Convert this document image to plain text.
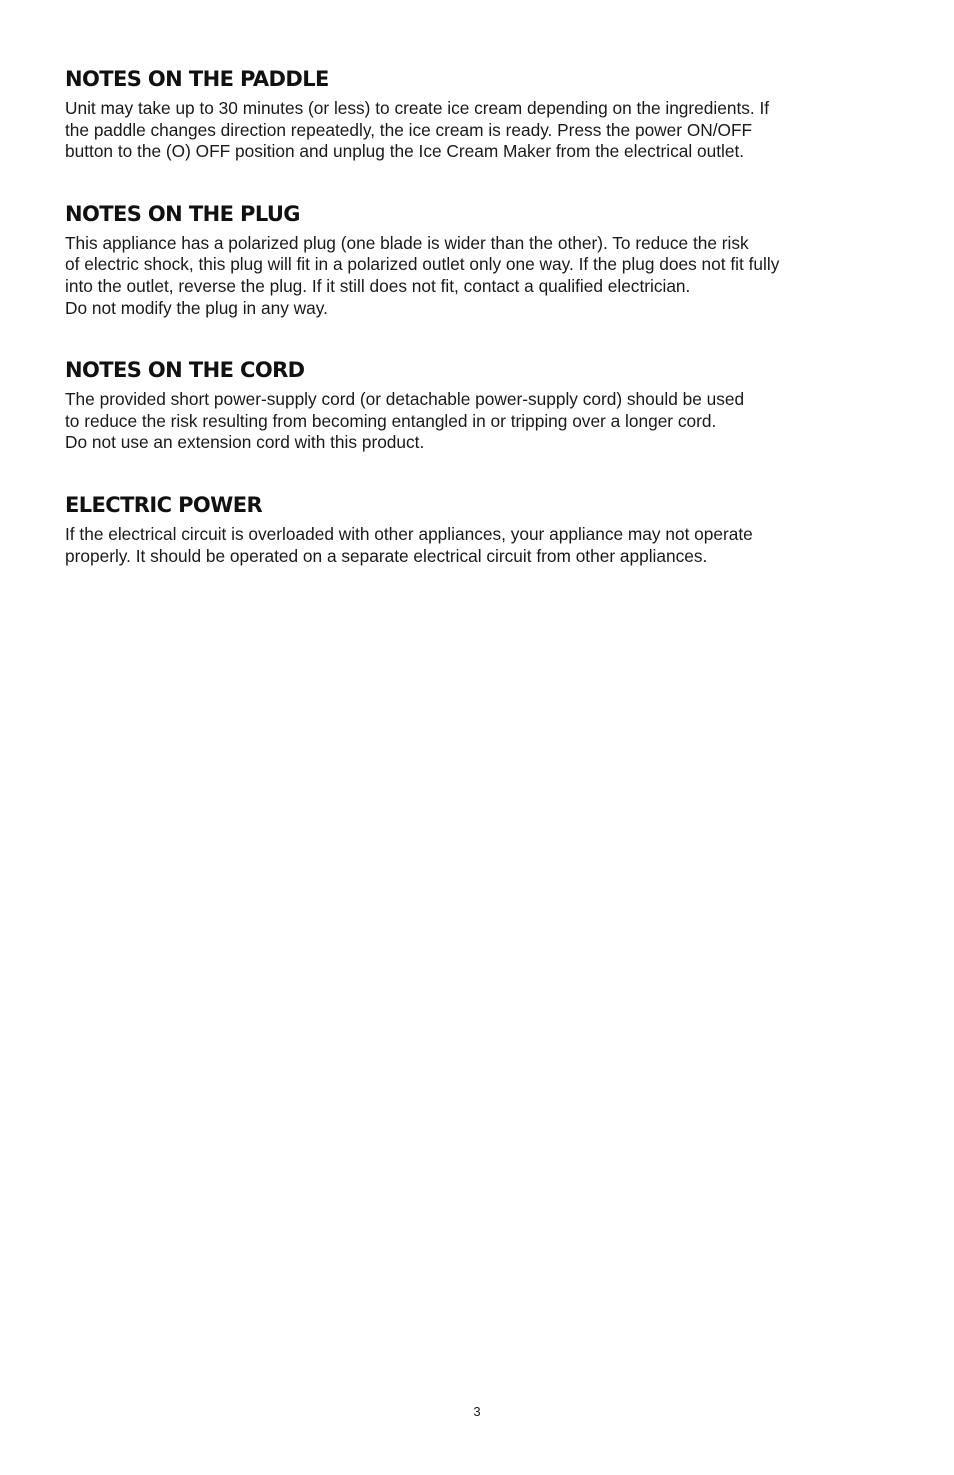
NOTES ON THE PADDLE
Unit may take up to 30 minutes (or less) to create ice cream depending on the ingredients. If
the paddle changes direction repeatedly, the ice cream is ready. Press the power ON/OFF
button to the (O) OFF position and unplug the Ice Cream Maker from the electrical outlet.
NOTES ON THE PLUG
This appliance has a polarized plug (one blade is wider than the other). To reduce the risk
of electric shock, this plug will fit in a polarized outlet only one way. If the plug does not fit fully
into the outlet, reverse the plug. If it still does not fit, contact a qualified electrician.
Do not modify the plug in any way.
NOTES ON THE CORD
The provided short power-supply cord (or detachable power-supply cord) should be used
to reduce the risk resulting from becoming entangled in or tripping over a longer cord.
Do not use an extension cord with this product.
ELECTRIC POWER
If the electrical circuit is overloaded with other appliances, your appliance may not operate
properly. It should be operated on a separate electrical circuit from other appliances.
3
